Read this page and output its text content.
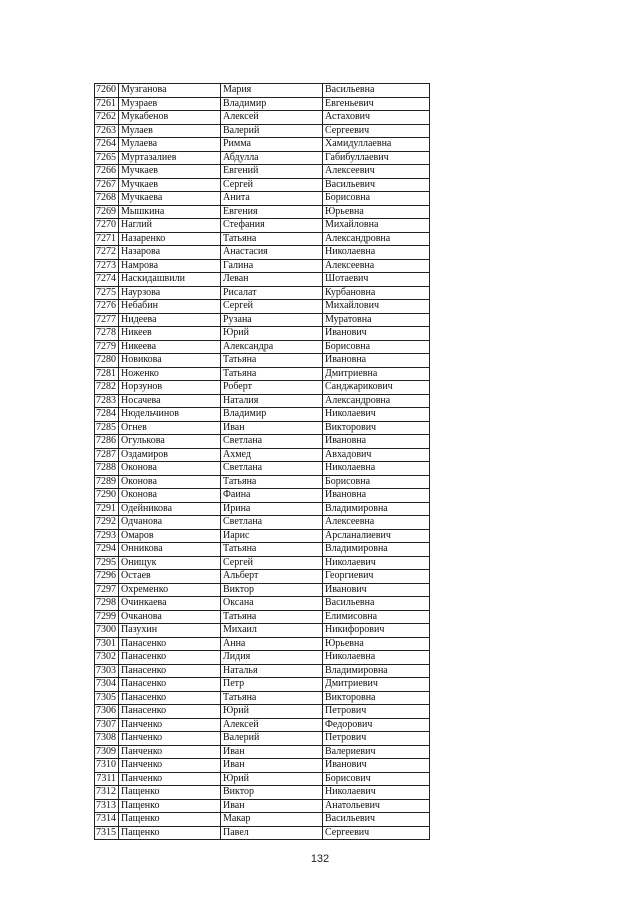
7260	Музганова	Мария	Васильевна
7261	Музраев	Владимир	Евгеньевич
7262	Мукабенов	Алексей	Астахович
7263	Мулаев	Валерий	Сергеевич
7264	Мулаева	Римма	Хамидуллаевна
7265	Муртазалиев	Абдулла	Габибуллаевич
7266	Мучкаев	Евгений	Алексеевич
7267	Мучкаев	Сергей	Васильевич
7268	Мучкаева	Анита	Борисовна
7269	Мышкина	Евгения	Юрьевна
7270	Наглий	Стефания	Михайловна
7271	Назаренко	Татьяна	Александровна
7272	Назарова	Анастасия	Николаевна
7273	Намрова	Галина	Алексеевна
7274	Наскидашвили	Леван	Шотаевич
7275	Наурзова	Рисалат	Курбановна
7276	Небабин	Сергей	Михайлович
7277	Нидеева	Рузана	Муратовна
7278	Никеев	Юрий	Иванович
7279	Никеева	Александра	Борисовна
7280	Новикова	Татьяна	Ивановна
7281	Ноженко	Татьяна	Дмитриевна
7282	Норзунов	Роберт	Санджарикович
7283	Носачева	Наталия	Александровна
7284	Нюдельчинов	Владимир	Николаевич
7285	Огнев	Иван	Викторович
7286	Огулькова	Светлана	Ивановна
7287	Оздамиров	Ахмед	Авхадович
7288	Оконова	Светлана	Николаевна
7289	Оконова	Татьяна	Борисовна
7290	Оконова	Фаина	Ивановна
7291	Одейникова	Ирина	Владимировна
7292	Одчанова	Светлана	Алексеевна
7293	Омаров	Иарис	Арсланалиевич
7294	Онникова	Татьяна	Владимировна
7295	Онищук	Сергей	Николаевич
7296	Остаев	Альберт	Георгиевич
7297	Охременко	Виктор	Иванович
7298	Очинкаева	Оксана	Васильевна
7299	Очканова	Татьяна	Елимисовна
7300	Пазухин	Михаил	Никифорович
7301	Панасенко	Анна	Юрьевна
7302	Панасенко	Лидия	Николаевна
7303	Панасенко	Наталья	Владимировна
7304	Панасенко	Петр	Дмитриевич
7305	Панасенко	Татьяна	Викторовна
7306	Панасенко	Юрий	Петрович
7307	Панченко	Алексей	Федорович
7308	Панченко	Валерий	Петрович
7309	Панченко	Иван	Валериевич
7310	Панченко	Иван	Иванович
7311	Панченко	Юрий	Борисович
7312	Пащенко	Виктор	Николаевич
7313	Пащенко	Иван	Анатольевич
7314	Пащенко	Макар	Васильевич
7315	Пащенко	Павел	Сергеевич
132
